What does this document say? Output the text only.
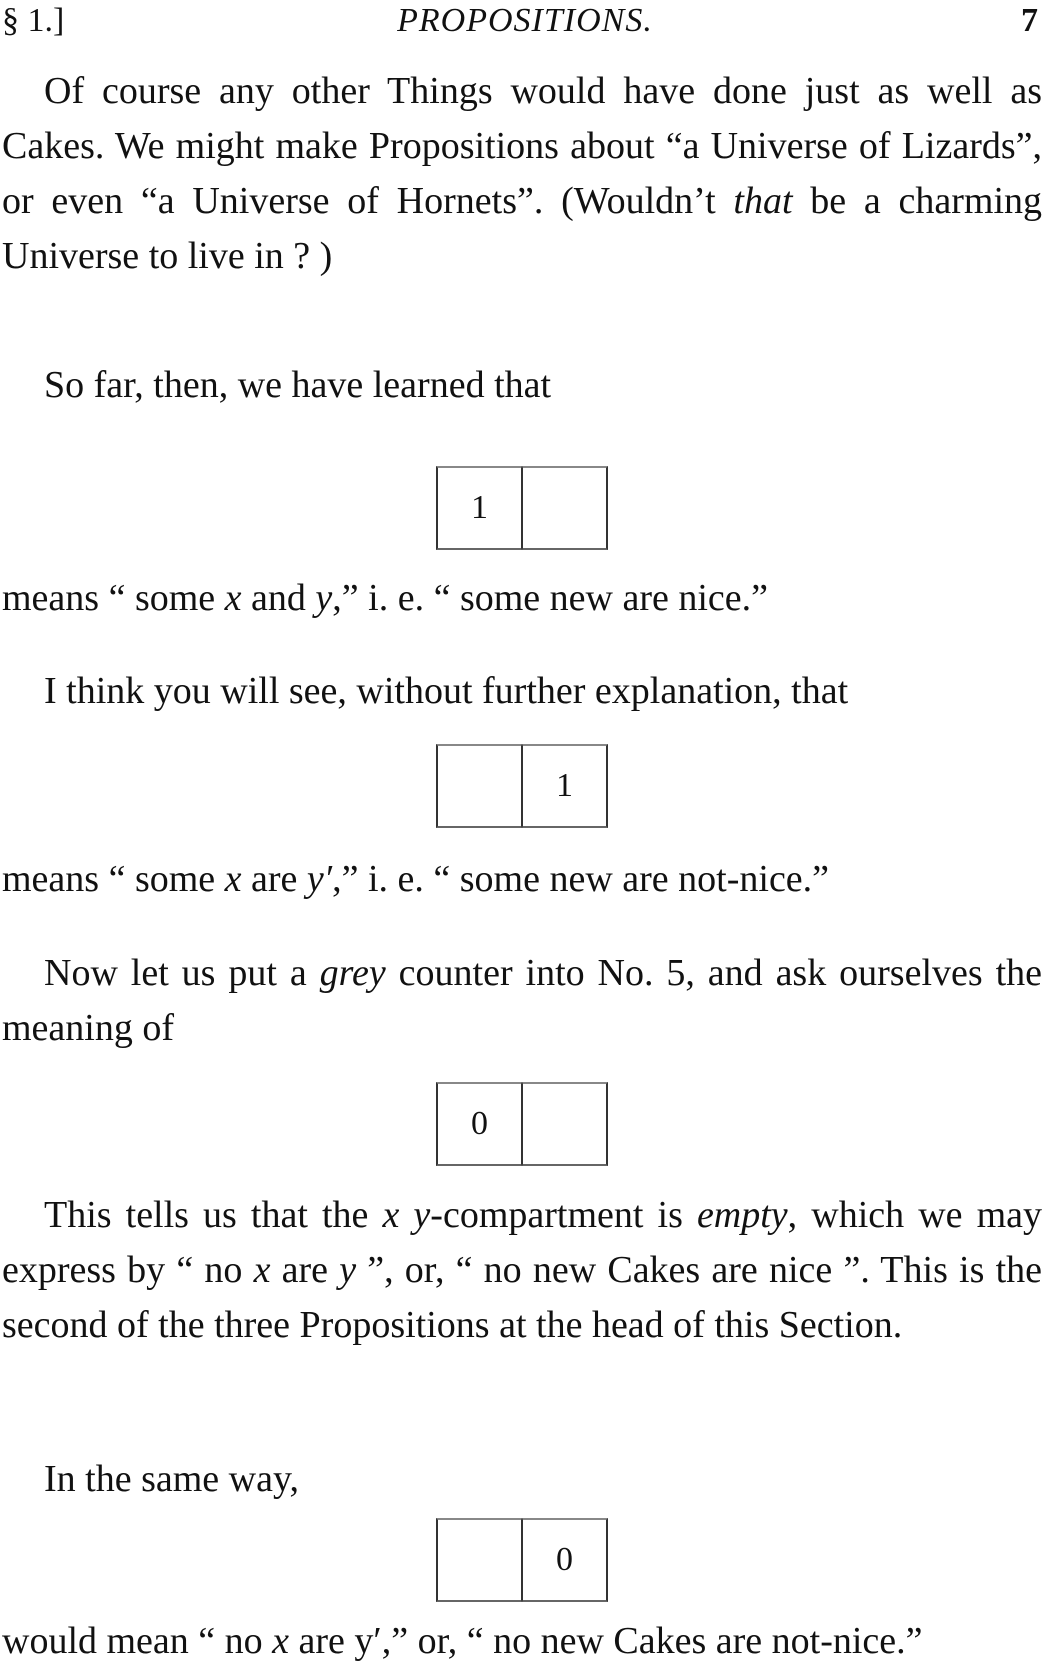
§ 1.]	PROPOSITIONS.	7
Of course any other Things would have done just as well as Cakes. We might make Propositions about “a Universe of Lizards”, or even “a Universe of Hornets”. (Wouldn’t that be a charming Universe to live in ? )
So far, then, we have learned that
1
means “ some x and y,” i. e. “ some new are nice.”
I think you will see, without further explanation, that
1
means “ some x are y′,” i. e. “ some new are not-nice.”
Now let us put a grey counter into No. 5, and ask ourselves the meaning of
0
This tells us that the x y-compartment is empty, which we may express by “ no x are y ”, or, “ no new Cakes are nice ”. This is the second of the three Propositions at the head of this Section.
In the same way,
0
would mean “ no x are y′,” or, “ no new Cakes are not-nice.”
